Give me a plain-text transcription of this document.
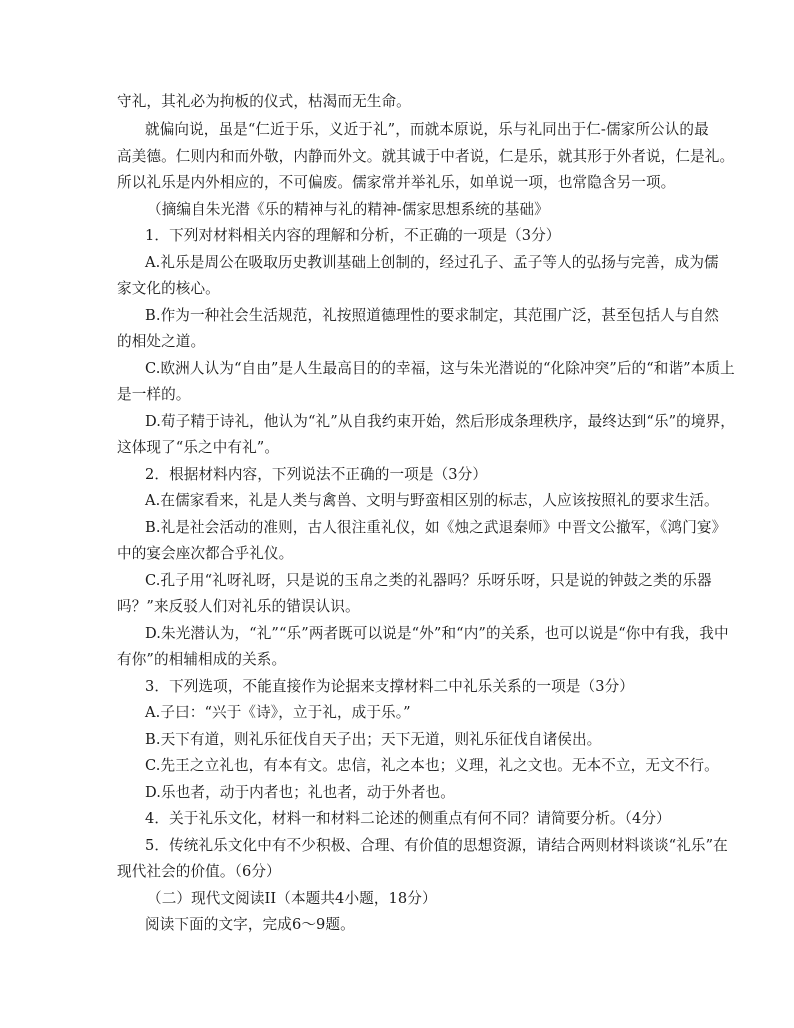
守礼，其礼必为拘板的仪式，枯渴而无生命。
就偏向说，虽是“仁近于乐，义近于礼”，而就本原说，乐与礼同出于仁-儒家所公认的最
高美德。仁则内和而外敬，内静而外文。就其诚于中者说，仁是乐，就其形于外者说，仁是礼。
所以礼乐是内外相应的，不可偏废。儒家常并举礼乐，如单说一项，也常隐含另一项。
（摘编自朱光潜《乐的精神与礼的精神-儒家思想系统的基础》
1．下列对材料相关内容的理解和分析，不正确的一项是（3分）
A.礼乐是周公在吸取历史教训基础上创制的，经过孔子、孟子等人的弘扬与完善，成为儒
家文化的核心。
B.作为一种社会生活规范，礼按照道德理性的要求制定，其范围广泛，甚至包括人与自然
的相处之道。
C.欧洲人认为“自由”是人生最高目的的幸福，这与朱光潜说的“化除冲突”后的“和谐”本质上
是一样的。
D.荀子精于诗礼，他认为“礼”从自我约束开始，然后形成条理秩序，最终达到“乐”的境界，
这体现了“乐之中有礼”。
2．根据材料内容，下列说法不正确的一项是（3分）
A.在儒家看来，礼是人类与禽兽、文明与野蛮相区别的标志，人应该按照礼的要求生活。
B.礼是社会活动的准则，古人很注重礼仪，如《烛之武退秦师》中晋文公撤军，《鸿门宴》
中的宴会座次都合乎礼仪。
C.孔子用“礼呀礼呀，只是说的玉帛之类的礼器吗？乐呀乐呀，只是说的钟鼓之类的乐器
吗？”来反驳人们对礼乐的错误认识。
D.朱光潜认为，“礼”“乐”两者既可以说是“外”和“内”的关系，也可以说是“你中有我，我中
有你”的相辅相成的关系。
3．下列选项，不能直接作为论据来支撑材料二中礼乐关系的一项是（3分）
A.子曰：“兴于《诗》，立于礼，成于乐。”
B.天下有道，则礼乐征伐自天子出；天下无道，则礼乐征伐自诸侯出。
C.先王之立礼也，有本有文。忠信，礼之本也；义理，礼之文也。无本不立，无文不行。
D.乐也者，动于内者也；礼也者，动于外者也。
4．关于礼乐文化，材料一和材料二论述的侧重点有何不同？请简要分析。（4分）
5．传统礼乐文化中有不少积极、合理、有价值的思想资源，请结合两则材料谈谈“礼乐”在
现代社会的价值。（6分）
（二）现代文阅读II（本题共4小题，18分）
阅读下面的文字，完成6～9题。
